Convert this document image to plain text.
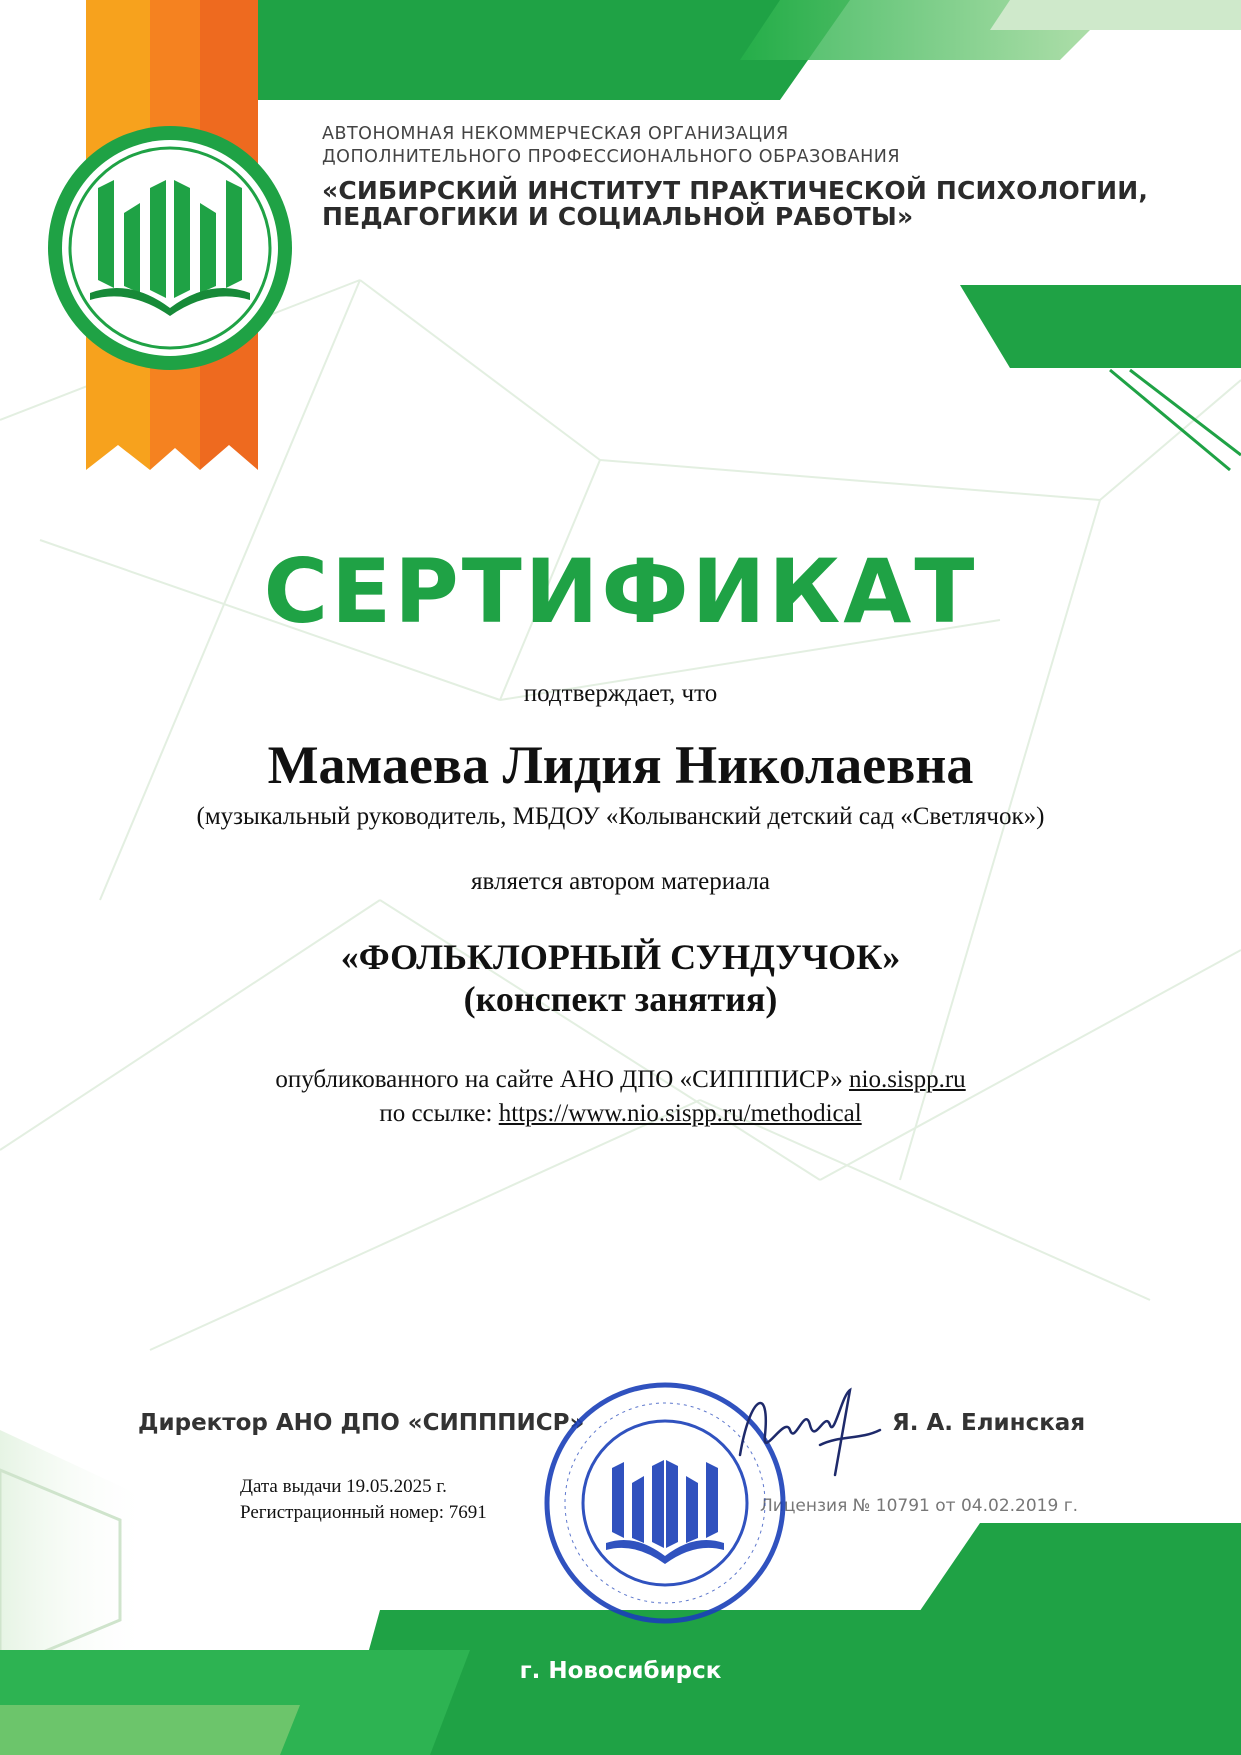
АВТОНОМНАЯ НЕКОММЕРЧЕСКАЯ ОРГАНИЗАЦИЯ
ДОПОЛНИТЕЛЬНОГО ПРОФЕССИОНАЛЬНОГО ОБРАЗОВАНИЯ
«СИБИРСКИЙ ИНСТИТУТ ПРАКТИЧЕСКОЙ ПСИХОЛОГИИ,
ПЕДАГОГИКИ И СОЦИАЛЬНОЙ РАБОТЫ»
СЕРТИФИКАТ
подтверждает, что
Мамаева Лидия Николаевна
(музыкальный руководитель, МБДОУ «Колыванский детский сад «Светлячок»)
является автором материала
«ФОЛЬКЛОРНЫЙ СУНДУЧОК»
(конспект занятия)
опубликованного на сайте АНО ДПО «СИПППИСР» nio.sispp.ru
по ссылке: https://www.nio.sispp.ru/methodical
Директор АНО ДПО «СИПППИСР»	Я. А. Елинская
Лицензия № 10791 от 04.02.2019 г.
Дата выдачи 19.05.2025 г.
Регистрационный номер: 7691
г. Новосибирск
